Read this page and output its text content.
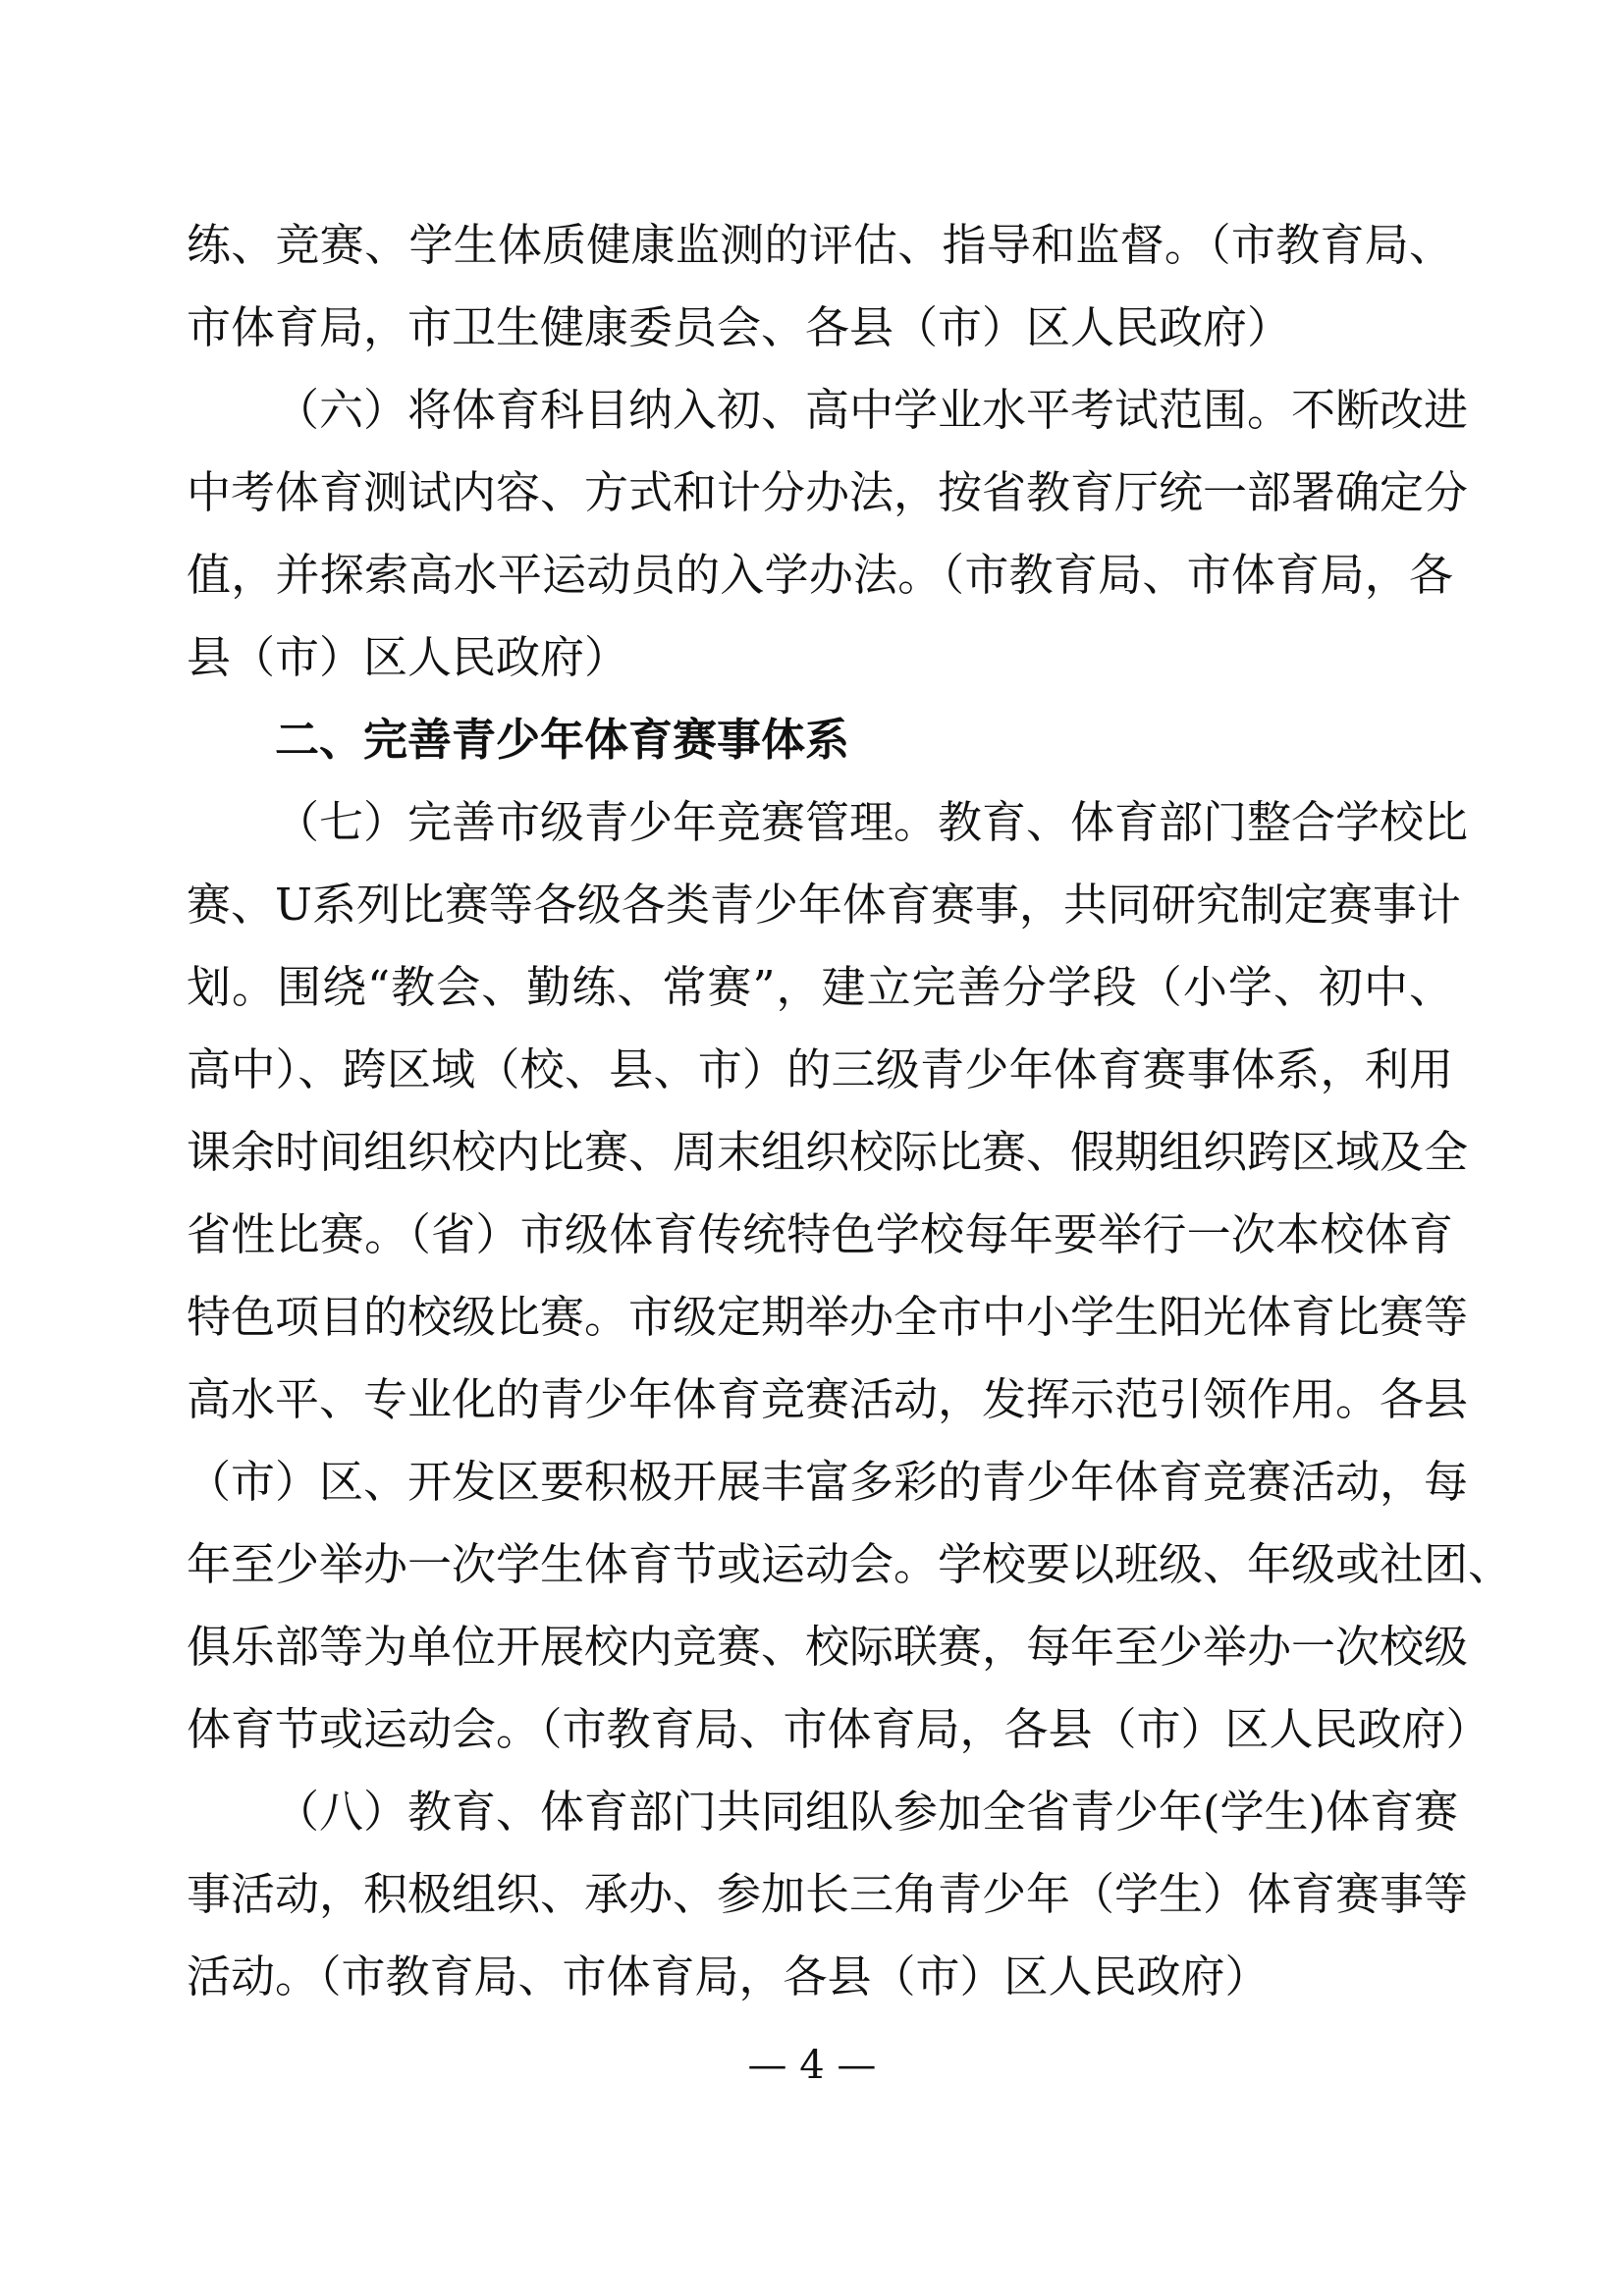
练、竞赛、学生体质健康监测的评估、指导和监督。（市教育局、
市体育局，市卫生健康委员会、各县（市）区人民政府）
（六）将体育科目纳入初、高中学业水平考试范围。不断改进
中考体育测试内容、方式和计分办法，按省教育厅统一部署确定分
值，并探索高水平运动员的入学办法。（市教育局、市体育局，各
县（市）区人民政府）
二、完善青少年体育赛事体系
（七）完善市级青少年竞赛管理。教育、体育部门整合学校比
赛、U系列比赛等各级各类青少年体育赛事，共同研究制定赛事计
划。围绕“教会、勤练、常赛”，建立完善分学段（小学、初中、
高中）、跨区域（校、县、市）的三级青少年体育赛事体系，利用
课余时间组织校内比赛、周末组织校际比赛、假期组织跨区域及全
省性比赛。（省）市级体育传统特色学校每年要举行一次本校体育
特色项目的校级比赛。市级定期举办全市中小学生阳光体育比赛等
高水平、专业化的青少年体育竞赛活动，发挥示范引领作用。各县
（市）区、开发区要积极开展丰富多彩的青少年体育竞赛活动，每
年至少举办一次学生体育节或运动会。学校要以班级、年级或社团、
俱乐部等为单位开展校内竞赛、校际联赛，每年至少举办一次校级
体育节或运动会。（市教育局、市体育局，各县（市）区人民政府）
（八）教育、体育部门共同组队参加全省青少年(学生)体育赛
事活动，积极组织、承办、参加长三角青少年（学生）体育赛事等
活动。（市教育局、市体育局，各县（市）区人民政府）
— 4 —
